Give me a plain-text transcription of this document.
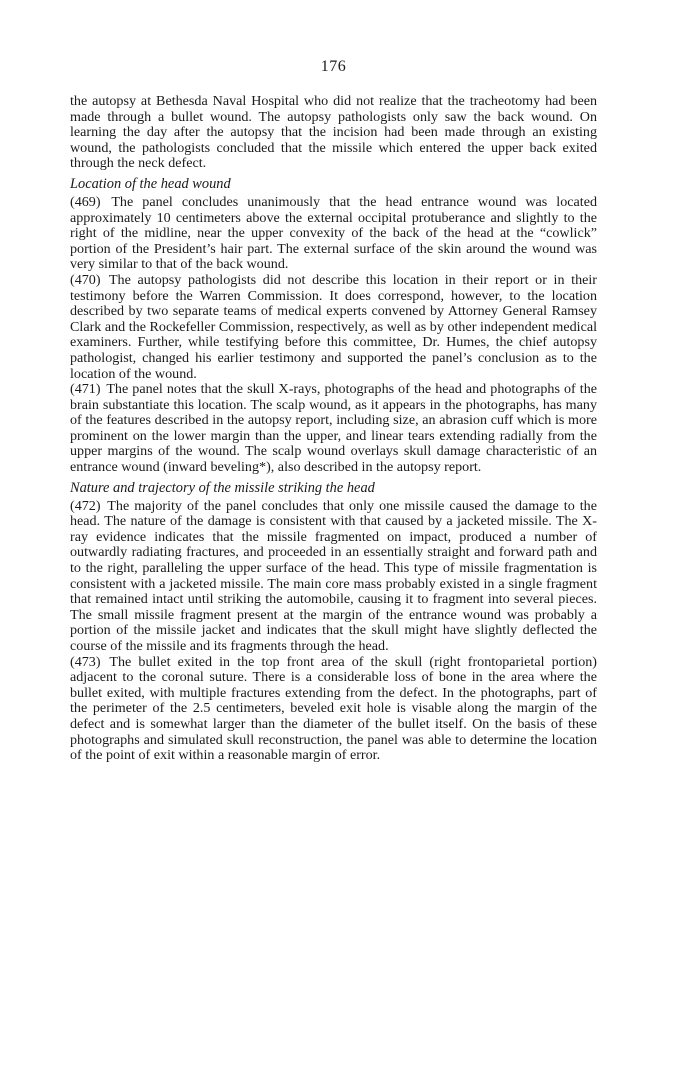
176

the autopsy at Bethesda Naval Hospital who did not realize that the tracheotomy had been made through a bullet wound. The autopsy pathologists only saw the back wound. On learning the day after the autopsy that the incision had been made through an existing wound, the pathologists concluded that the missile which entered the upper back exited through the neck defect.

Location of the head wound

(469) The panel concludes unanimously that the head entrance wound was located approximately 10 centimeters above the external occipital protuberance and slightly to the right of the midline, near the upper convexity of the back of the head at the “cowlick” portion of the President’s hair part. The external surface of the skin around the wound was very similar to that of the back wound.

(470) The autopsy pathologists did not describe this location in their report or in their testimony before the Warren Commission. It does correspond, however, to the location described by two separate teams of medical experts convened by Attorney General Ramsey Clark and the Rockefeller Commission, respectively, as well as by other independent medical examiners. Further, while testifying before this committee, Dr. Humes, the chief autopsy pathologist, changed his earlier testimony and supported the panel’s conclusion as to the location of the wound.

(471) The panel notes that the skull X-rays, photographs of the head and photographs of the brain substantiate this location. The scalp wound, as it appears in the photographs, has many of the features described in the autopsy report, including size, an abrasion cuff which is more prominent on the lower margin than the upper, and linear tears extending radially from the upper margins of the wound. The scalp wound overlays skull damage characteristic of an entrance wound (inward beveling*), also described in the autopsy report.

Nature and trajectory of the missile striking the head

(472) The majority of the panel concludes that only one missile caused the damage to the head. The nature of the damage is consistent with that caused by a jacketed missile. The X-ray evidence indicates that the missile fragmented on impact, produced a number of outwardly radiating fractures, and proceeded in an essentially straight and forward path and to the right, paralleling the upper surface of the head. This type of missile fragmentation is consistent with a jacketed missile. The main core mass probably existed in a single fragment that remained intact until striking the automobile, causing it to fragment into several pieces. The small missile fragment present at the margin of the entrance wound was probably a portion of the missile jacket and indicates that the skull might have slightly deflected the course of the missile and its fragments through the head.

(473) The bullet exited in the top front area of the skull (right frontoparietal portion) adjacent to the coronal suture. There is a considerable loss of bone in the area where the bullet exited, with multiple fractures extending from the defect. In the photographs, part of the perimeter of the 2.5 centimeters, beveled exit hole is visable along the margin of the defect and is somewhat larger than the diameter of the bullet itself. On the basis of these photographs and simulated skull reconstruction, the panel was able to determine the location of the point of exit within a reasonable margin of error.
